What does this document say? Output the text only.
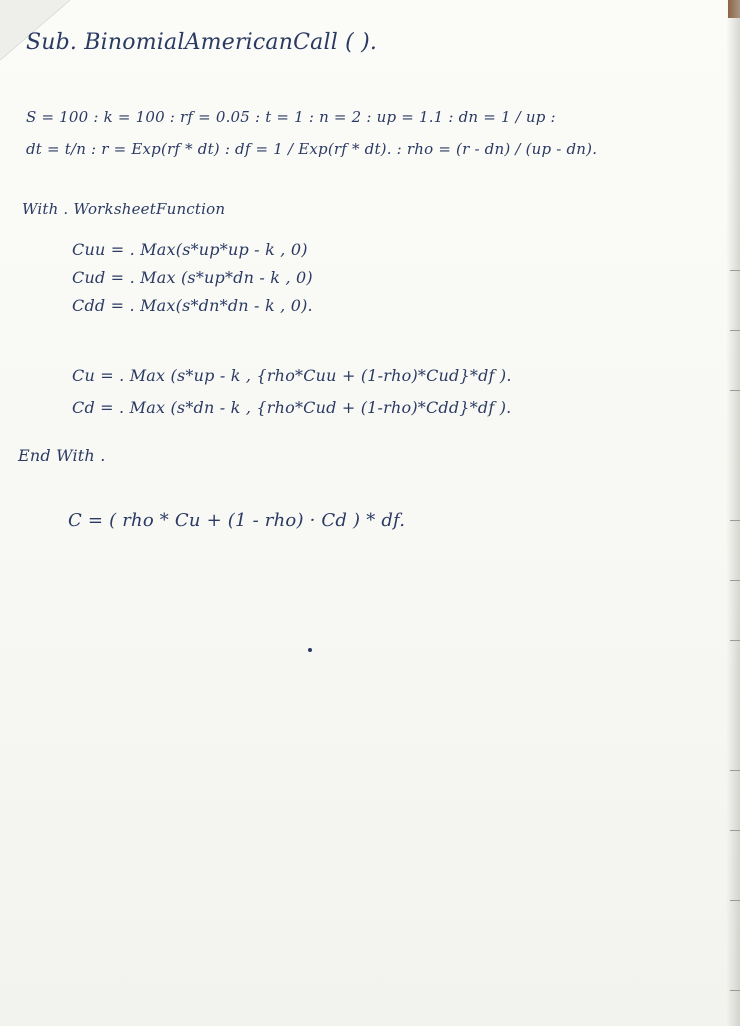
Sub. BinomialAmericanCall ( ).
S = 100 : k = 100 : rf = 0.05 : t = 1 : n = 2 : up = 1.1 : dn = 1 / up :
dt = t/n : r = Exp(rf * dt) : df = 1 / Exp(rf * dt). : rho = (r - dn) / (up - dn).
With . WorksheetFunction
Cuu = . Max(s*up*up - k , 0)
Cud = . Max (s*up*dn - k , 0)
Cdd = . Max(s*dn*dn - k , 0).
Cu = . Max (s*up - k , {rho*Cuu + (1-rho)*Cud}*df ).
Cd = . Max (s*dn - k , {rho*Cud + (1-rho)*Cdd}*df ).
End With .
C = ( rho * Cu + (1 - rho) · Cd ) * df.
